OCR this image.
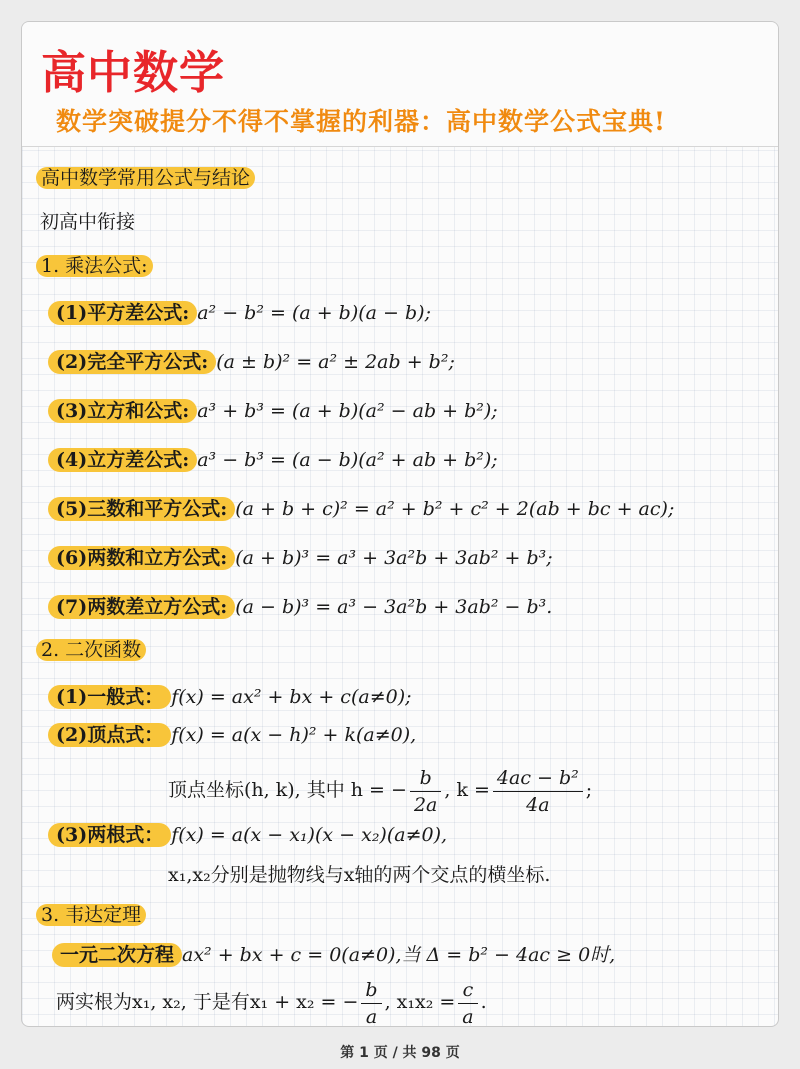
高中数学
数学突破提分不得不掌握的利器：高中数学公式宝典!
高中数学常用公式与结论
初高中衔接
1. 乘法公式:
(1)平方差公式: a² − b² = (a + b)(a − b);
(2)完全平方公式: (a ± b)² = a² ± 2ab + b²;
(3)立方和公式: a³ + b³ = (a + b)(a² − ab + b²);
(4)立方差公式: a³ − b³ = (a − b)(a² + ab + b²);
(5)三数和平方公式: (a + b + c)² = a² + b² + c² + 2(ab + bc + ac);
(6)两数和立方公式: (a + b)³ = a³ + 3a²b + 3ab² + b³;
(7)两数差立方公式: (a − b)³ = a³ − 3a²b + 3ab² − b³.
2. 二次函数
(1)一般式： f(x) = ax² + bx + c(a≠0);
(2)顶点式： f(x) = a(x − h)² + k(a≠0),
顶点坐标(h, k), 其中 h = − $\frac{b}{2a}$ , $k = \frac{\text{4ac − b²}}{4a}$ ;
(3)两根式： f(x) = a(x − x₁)(x − x₂)(a≠0),
x₁,x₂分别是抛物线与x轴的两个交点的横坐标.
3. 韦达定理
一元二次方程 ax² + bx + c = 0(a≠0),当 Δ = b² − 4ac ≥ 0时,
两实根为x₁, x₂, 于是有x₁ + x₂ = − $\frac{b}{a}$ , $x_1x_2 = \frac{c}{a}$ .
第 1 页 / 共 98 页
